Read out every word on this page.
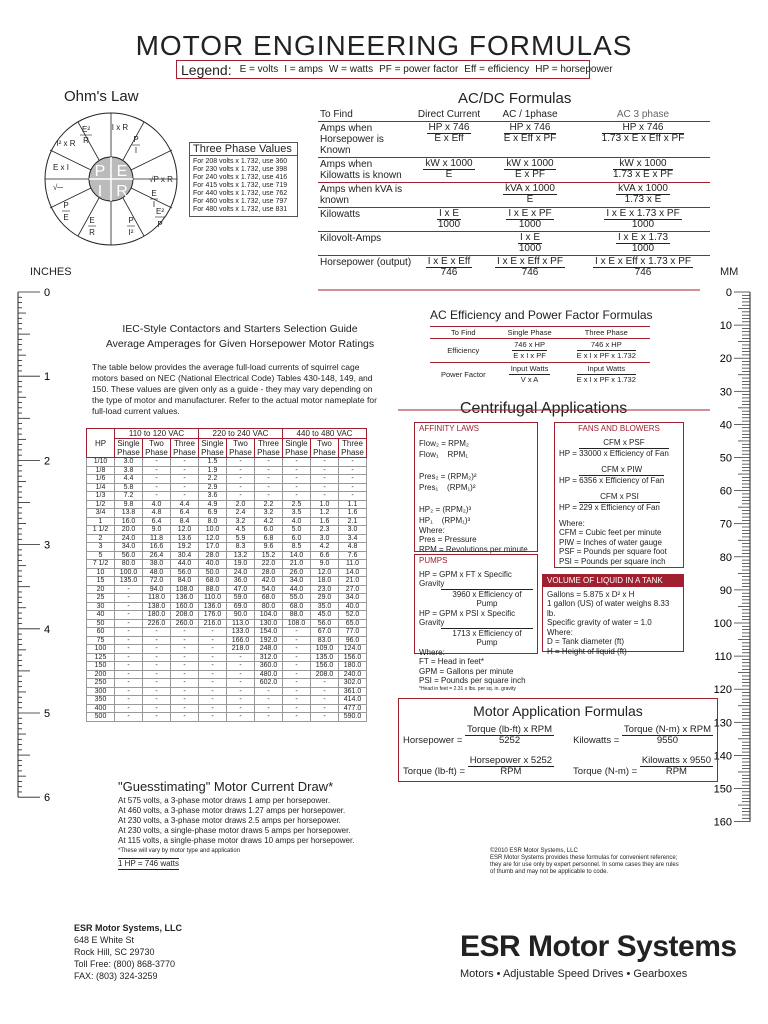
MOTOR ENGINEERING FORMULAS
Legend: E = volts I = amps W = watts PF = power factor Eff = efficiency HP = horsepower
Ohm's Law
P E
I R
E²
R
I x R
P
I
I² x R
E x I
√P x R
√─
E
I
P
E	E
R
P
I²
E²
P
Three Phase Values
For 208 volts x 1.732, use 360
For 230 volts x 1.732, use 398
For 240 volts x 1.732, use 416
For 415 volts x 1.732, use 719
For 440 volts x 1.732, use 762
For 460 volts x 1.732, use 797
For 480 volts x 1.732, use 831
AC/DC Formulas
To Find	Direct Current	AC / 1phase	AC 3 phase
Amps when Horsepower is Known	$\frac{\text{HP x 746}}{\text{E x Eff}}$	$\frac{\text{HP x 746}}{\text{E x Eff x PF}}$	$\frac{\text{HP x 746}}{\text{1.73 x E x Eff x PF}}$
Amps when Kilowatts is known	$\frac{\text{kW x 1000}}{E}$	$\frac{\text{kW x 1000}}{\text{E x PF}}$	$\frac{\text{kW x 1000}}{\text{1.73 x E x PF}}$
Amps when kVA is known		$\frac{\text{kVA x 1000}}{E}$	$\frac{\text{kVA x 1000}}{\text{1.73 x E}}$
Kilowatts	$\frac{\text{I x E}}{1000}$	$\frac{\text{I x E x PF}}{1000}$	$\frac{\text{I x E x 1.73 x PF}}{1000}$
Kilovolt-Amps		$\frac{\text{I x E}}{1000}$	$\frac{\text{I x E x 1.73}}{1000}$
Horsepower (output)	$\frac{\text{I x E x Eff}}{746}$	$\frac{\text{I x E x Eff x PF}}{746}$	$\frac{\text{I x E x Eff x 1.73 x PF}}{746}$
INCHES	MM
0
1
2
3
4
5
6
0
10
20
30
40
50
60
70
80
90
100
110
120
130
140
150
160
IEC-Style Contactors and Starters Selection Guide
Average Amperages for Given Horsepower Motor Ratings
The table below provides the average full-load currents of squirrel cage motors based on NEC (National Electrical Code) Tables 430-148, 149, and 150. These values are given only as a guide - they may vary depending on the type of motor and manufacturer. Refer to the actual motor nameplate for full-load current values.
HP	110 to 120 VAC			220 to 240 VAC			440 to 480 VAC		
	Single Phase	Two Phase	Three Phase	Single Phase	Two Phase	Three Phase	Single Phase	Two Phase	Three Phase
1/10	3.0	-	-	1.5	-	-	-	-	-
1/8	3.8	-	-	1.9	-	-	-	-	-
1/6	4.4	-	-	2.2	-	-	-	-	-
1/4	5.8	-	-	2.9	-	-	-	-	-
1/3	7.2	-	-	3.6	-	-	-	-	-
1/2	9.8	4.0	4.4	4.9	2.0	2.2	2.5	1.0	1.1
3/4	13.8	4.8	6.4	6.9	2.4	3.2	3.5	1.2	1.6
1	16.0	6.4	8.4	8.0	3.2	4.2	4.0	1.6	2.1
1 1/2	20.0	9.0	12.0	10.0	4.5	6.0	5.0	2.3	3.0
2	24.0	11.8	13.6	12.0	5.9	6.8	6.0	3.0	3.4
3	34.0	16.6	19.2	17.0	8.3	9.6	8.5	4.2	4.8
5	56.0	26.4	30.4	28.0	13.2	15.2	14.0	6.6	7.6
7 1/2	80.0	38.0	44.0	40.0	19.0	22.0	21.0	9.0	11.0
10	100.0	48.0	56.0	50.0	24.0	28.0	26.0	12.0	14.0
15	135.0	72.0	84.0	68.0	36.0	42.0	34.0	18.0	21.0
20	-	94.0	108.0	88.0	47.0	54.0	44.0	23.0	27.0
25	-	118.0	136.0	110.0	59.0	68.0	55.0	29.0	34.0
30	-	138.0	160.0	136.0	69.0	80.0	68.0	35.0	40.0
40	-	180.0	208.0	176.0	90.0	104.0	88.0	45.0	52.0
50	-	226.0	260.0	216.0	113.0	130.0	108.0	56.0	65.0
60	-	-	-	-	133.0	154.0	-	67.0	77.0
75	-	-	-	-	166.0	192.0	-	83.0	96.0
100	-	-	-	-	218.0	248.0	-	109.0	124.0
125	-	-	-	-	-	312.0	-	135.0	156.0
150	-	-	-	-	-	360.0	-	156.0	180.0
200	-	-	-	-	-	480.0	-	208.0	240.0
250	-	-	-	-	-	602.0	-	-	302.0
300	-	-	-	-	-	-	-	-	361.0
350	-	-	-	-	-	-	-	-	414.0
400	-	-	-	-	-	-	-	-	477.0
500	-	-	-	-	-	-	-	-	590.0
"Guesstimating" Motor Current Draw*
At 575 volts, a 3-phase motor draws 1 amp per horsepower.
At 460 volts, a 3-phase motor draws 1.27 amps per horsepower.
At 230 volts, a 3-phase motor draws 2.5 amps per horsepower.
At 230 volts, a single-phase motor draws 5 amps per horsepower.
At 115 volts, a single-phase motor draws 10 amps per horsepower.
*These will vary by motor type and application
1 HP = 746 watts
AC Efficiency and Power Factor Formulas
To Find	Single Phase	Three Phase
Efficiency	$\frac{\text{746 x HP}}{\text{E x I x PF}}$	$\frac{\text{746 x HP}}{\text{E x I x PF x 1.732}}$
Power Factor	$\frac{\text{Input Watts}}{\text{V x A}}$	$\frac{\text{Input Watts}}{\text{E x I x PF x 1.732}}$
Centrifugal Applications
AFFINITY LAWS
Flow₂ = RPM₂
Flow₁    RPM₁

Pres₂ = (RPM₂)²
Pres₁    (RPM₁)²

HP₂ = (RPM₂)³
HP₁    (RPM₁)³
Where:
Pres = Pressure
RPM = Revolutions per minute
FANS AND BLOWERS
HP = $\frac{\text{CFM x PSF}}{\text{33000 x Efficiency of Fan}}$
HP = $\frac{\text{CFM x PIW}}{\text{6356 x Efficiency of Fan}}$
HP = $\frac{\text{CFM x PSI}}{\text{229 x Efficiency of Fan}}$
Where:
CFM = Cubic feet per minute
PIW = Inches of water gauge
PSF = Pounds per square foot
PSI = Pounds per square inch
PUMPS
HP = GPM x FT x Specific Gravity
3960 x Efficiency of Pump
HP = GPM x PSI x Specific Gravity
1713 x Efficiency of Pump
Where:
FT = Head in feet*
GPM = Gallons per minute
PSI = Pounds per square inch
*Head in feet = 2.31 x lbs. per sq. in. gravity
VOLUME OF LIQUID IN A TANK
Gallons = 5.875 x D² x H
1 gallon (US) of water weighs 8.33 lb.
Specific gravity of water = 1.0
Where:
D = Tank diameter (ft)
H = Height of liquid (ft)
Motor Application Formulas
Horsepower = $\frac{\text{Torque (lb-ft) x RPM}}{5252}$ Kilowatts = $\frac{\text{Torque (N-m) x RPM}}{9550}$
Torque $(lb-ft) = \frac{\text{Horsepower x 5252}}{\text{RPM}}$ Torque $(N-m) = \frac{\text{Kilowatts x 9550}}{\text{RPM}}$
©2010 ESR Motor Systems, LLC
ESR Motor Systems provides these formulas for convenient reference; they are for use only by expert personnel. In some cases they are rules of thumb and may not be applicable to code.
ESR Motor Systems, LLC
648 E White St
Rock Hill, SC 29730
Toll Free: (800) 868-3770
FAX: (803) 324-3259
ESR Motor Systems
Motors • Adjustable Speed Drives • Gearboxes
